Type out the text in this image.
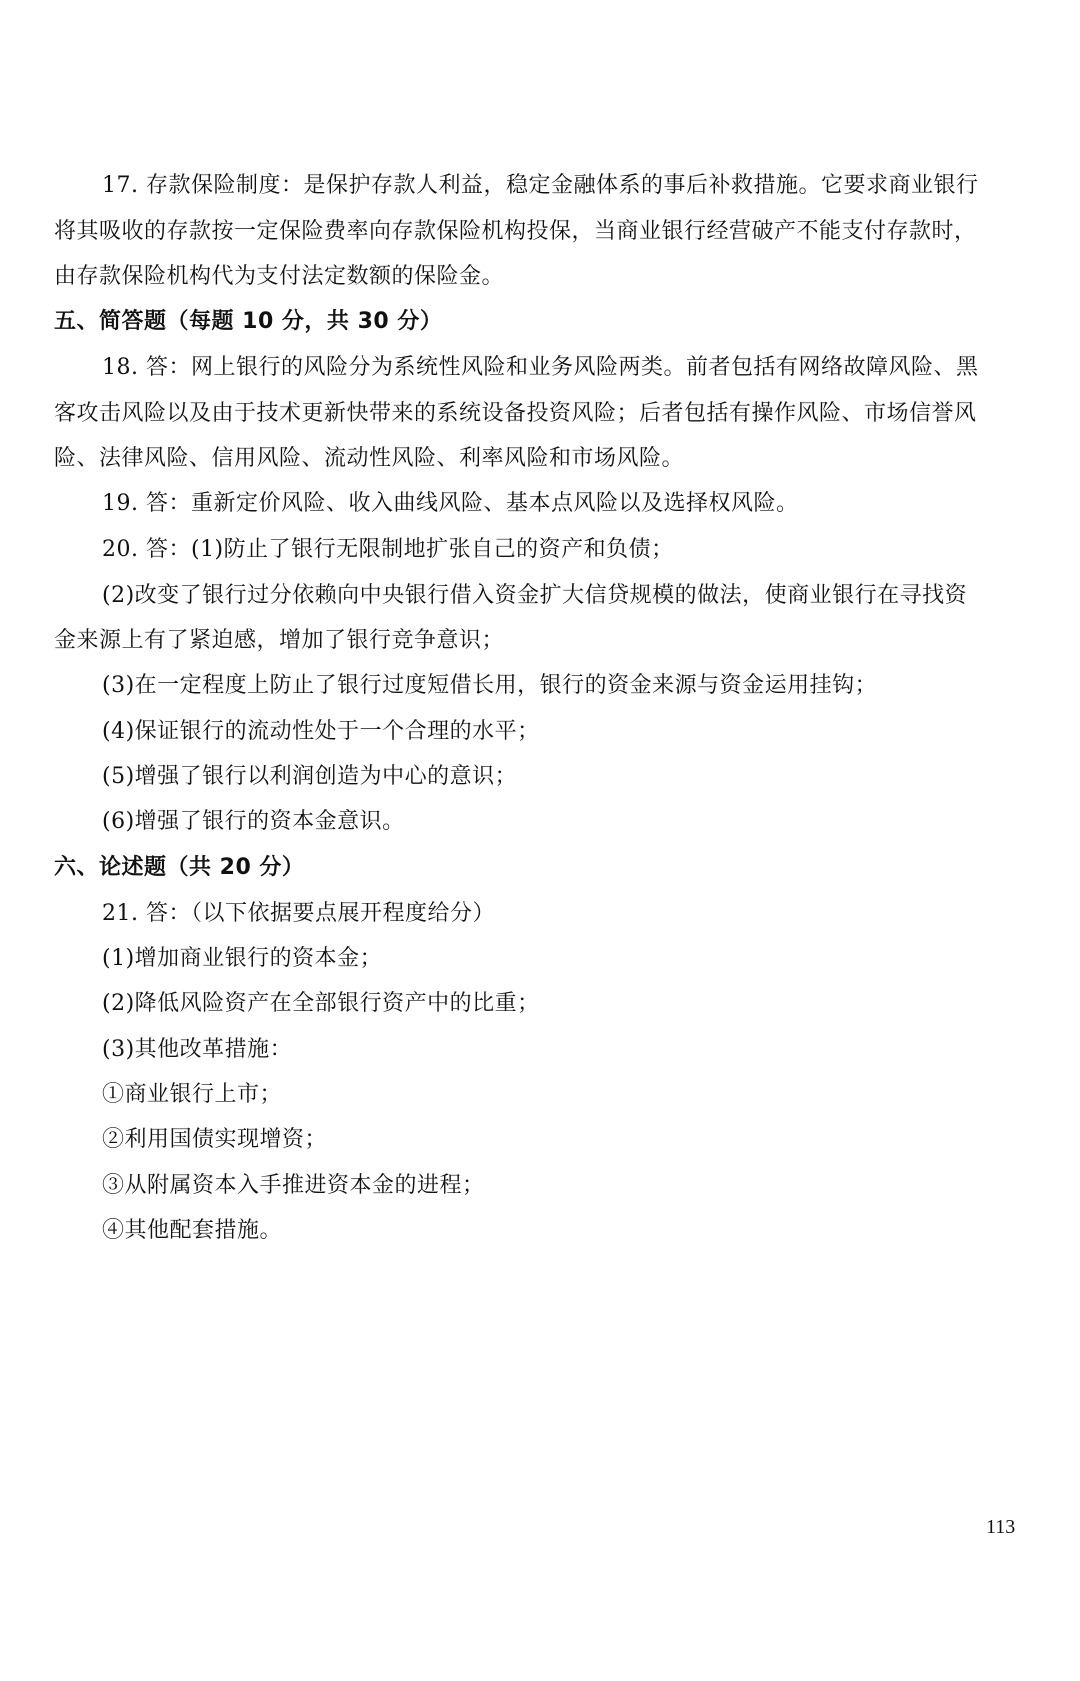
17. 存款保险制度：是保护存款人利益，稳定金融体系的事后补救措施。它要求商业银行
将其吸收的存款按一定保险费率向存款保险机构投保，当商业银行经营破产不能支付存款时，
由存款保险机构代为支付法定数额的保险金。
五、简答题（每题 10 分，共 30 分）
18. 答：网上银行的风险分为系统性风险和业务风险两类。前者包括有网络故障风险、黑
客攻击风险以及由于技术更新快带来的系统设备投资风险；后者包括有操作风险、市场信誉风
险、法律风险、信用风险、流动性风险、利率风险和市场风险。
19. 答：重新定价风险、收入曲线风险、基本点风险以及选择权风险。
20. 答：(1)防止了银行无限制地扩张自己的资产和负债；
(2)改变了银行过分依赖向中央银行借入资金扩大信贷规模的做法，使商业银行在寻找资
金来源上有了紧迫感，增加了银行竞争意识；
(3)在一定程度上防止了银行过度短借长用，银行的资金来源与资金运用挂钩；
(4)保证银行的流动性处于一个合理的水平；
(5)增强了银行以利润创造为中心的意识；
(6)增强了银行的资本金意识。
六、论述题（共 20 分）
21. 答：（以下依据要点展开程度给分）
(1)增加商业银行的资本金；
(2)降低风险资产在全部银行资产中的比重；
(3)其他改革措施：
①商业银行上市；
②利用国债实现增资；
③从附属资本入手推进资本金的进程；
④其他配套措施。
113
